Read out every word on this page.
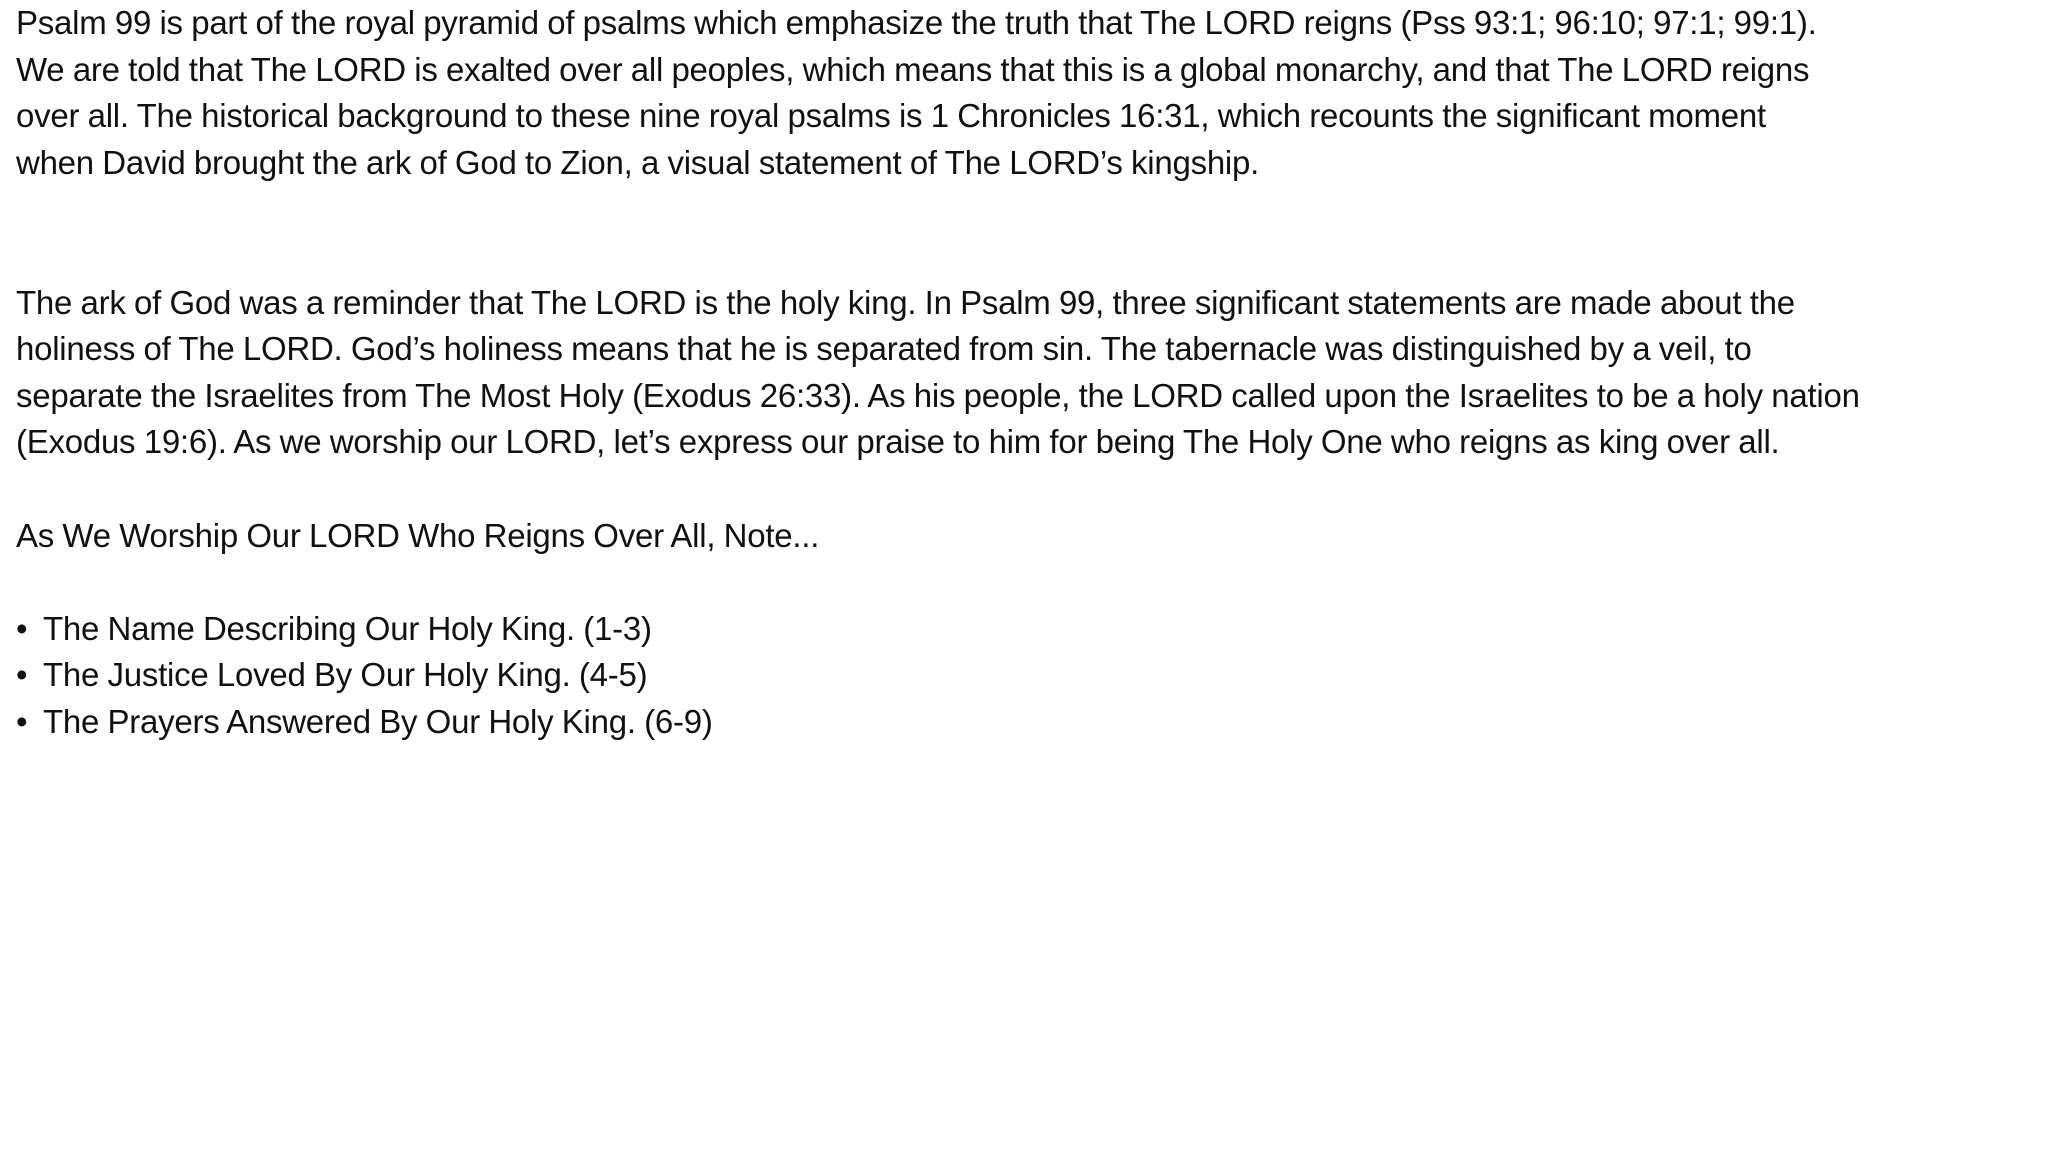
Psalm 99 is part of the royal pyramid of psalms which emphasize the truth that The LORD reigns (Pss 93:1; 96:10; 97:1; 99:1).
We are told that The LORD is exalted over all peoples, which means that this is a global monarchy, and that The LORD reigns
over all. The historical background to these nine royal psalms is 1 Chronicles 16:31, which recounts the significant moment
when David brought the ark of God to Zion, a visual statement of The LORD’s kingship.

The ark of God was a reminder that The LORD is the holy king. In Psalm 99, three significant statements are made about the
holiness of The LORD. God’s holiness means that he is separated from sin. The tabernacle was distinguished by a veil, to
separate the Israelites from The Most Holy (Exodus 26:33). As his people, the LORD called upon the Israelites to be a holy nation
(Exodus 19:6). As we worship our LORD, let’s express our praise to him for being The Holy One who reigns as king over all.

As We Worship Our LORD Who Reigns Over All, Note...

• The Name Describing Our Holy King. (1-3)
• The Justice Loved By Our Holy King. (4-5)
• The Prayers Answered By Our Holy King. (6-9)
